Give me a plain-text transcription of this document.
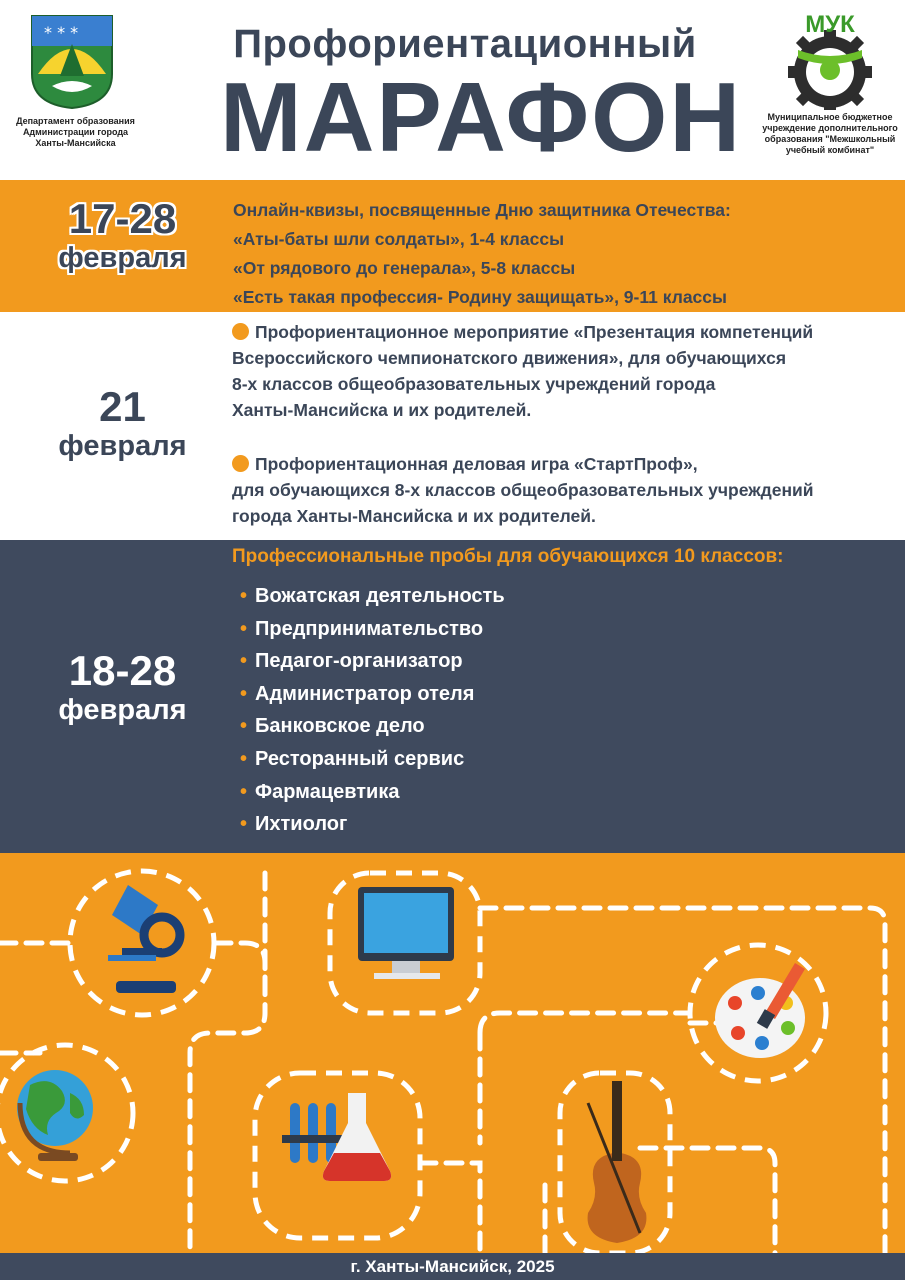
* * *
Департамент образования Администрации города Ханты-Мансийска
Профориентационный
МАРАФОН
МУК
Муниципальное бюджетное учреждение дополнительного образования "Межшкольный учебный комбинат"
17-28
февраля
Онлайн-квизы, посвященные Дню защитника Отечества:
«Аты-баты шли солдаты», 1-4 классы
«От рядового до генерала», 5-8 классы
«Есть такая профессия- Родину защищать», 9-11 классы
21
февраля
Профориентационное мероприятие «Презентация компетенций
Всероссийского чемпионатского движения», для обучающихся
8-х классов общеобразовательных учреждений города
Ханты-Мансийска и их родителей.
Профориентационная деловая игра «СтартПроф»,
для обучающихся 8-х классов общеобразовательных учреждений
города Ханты-Мансийска и их родителей.
18-28
февраля
Профессиональные пробы для обучающихся 10 классов:
• Вожатская деятельность
• Предпринимательство
• Педагог-организатор
• Администратор отеля
• Банковское дело
• Ресторанный сервис
• Фармацевтика
• Ихтиолог
г. Ханты-Мансийск, 2025
